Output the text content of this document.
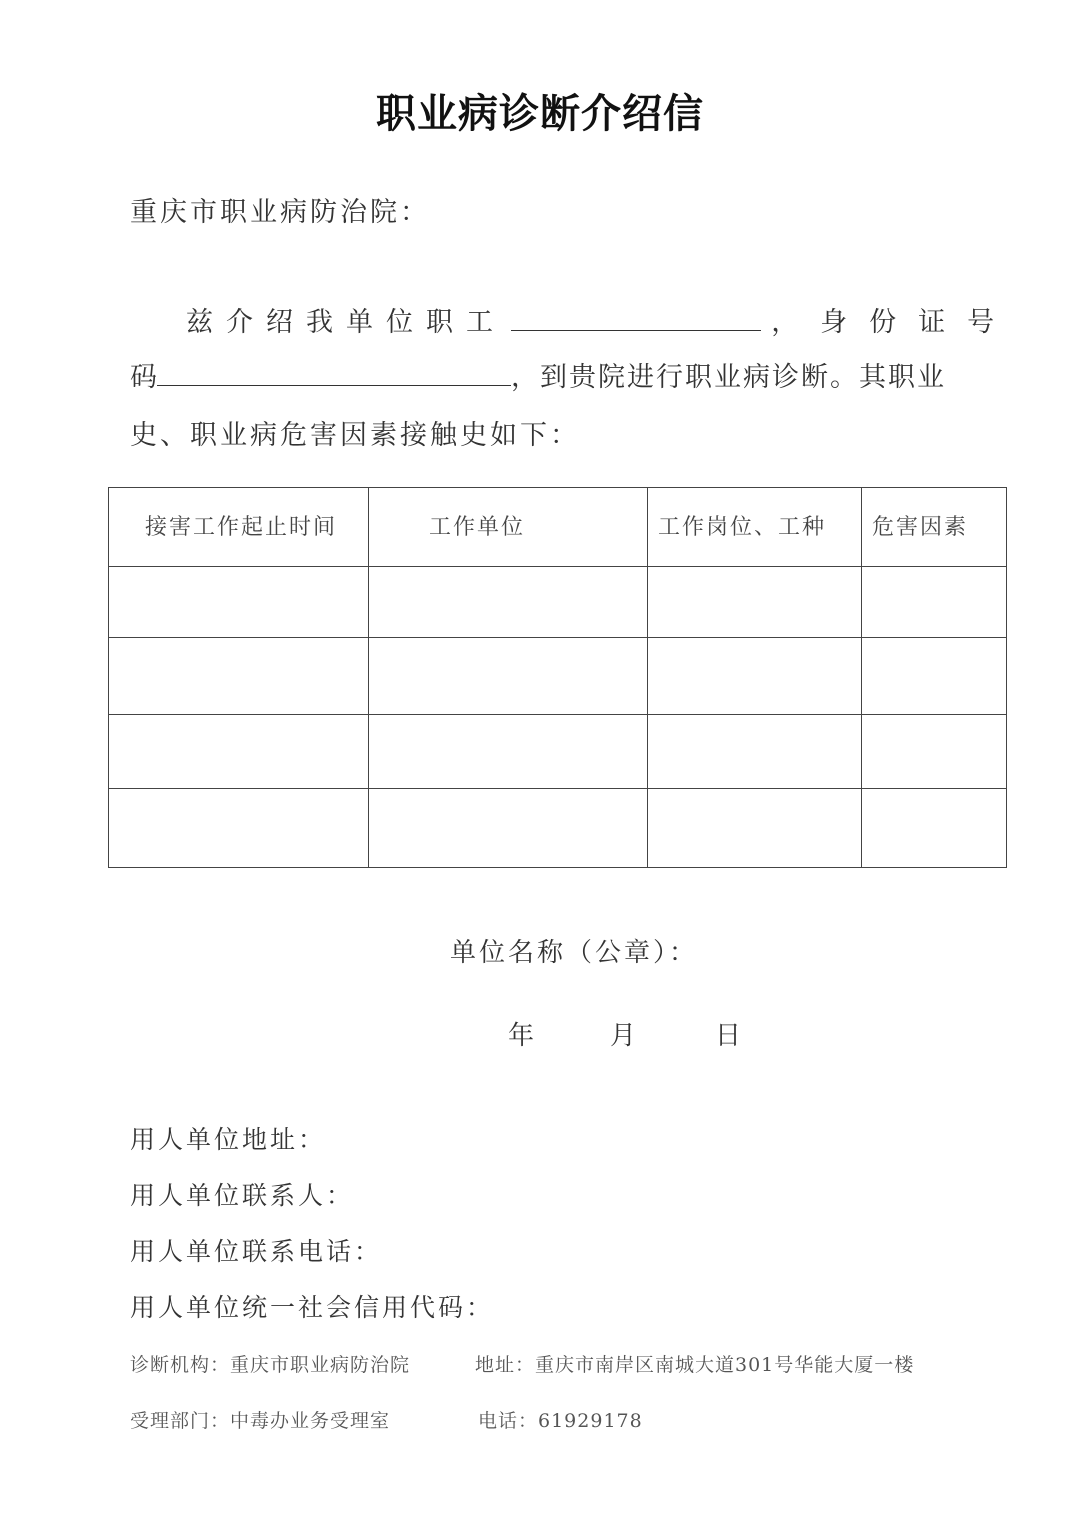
职业病诊断介绍信
重庆市职业病防治院：
兹介绍我单位职工	，身份证号
码	，到贵院进行职业病诊断。其职业
史、职业病危害因素接触史如下：
接害工作起止时间	工作单位	工作岗位、工种	危害因素

单位名称（公章）：
年	月	日
用人单位地址：
用人单位联系人：
用人单位联系电话：
用人单位统一社会信用代码：
诊断机构：重庆市职业病防治院	地址：重庆市南岸区南城大道301号华能大厦一楼
受理部门：中毒办业务受理室	电话：61929178
